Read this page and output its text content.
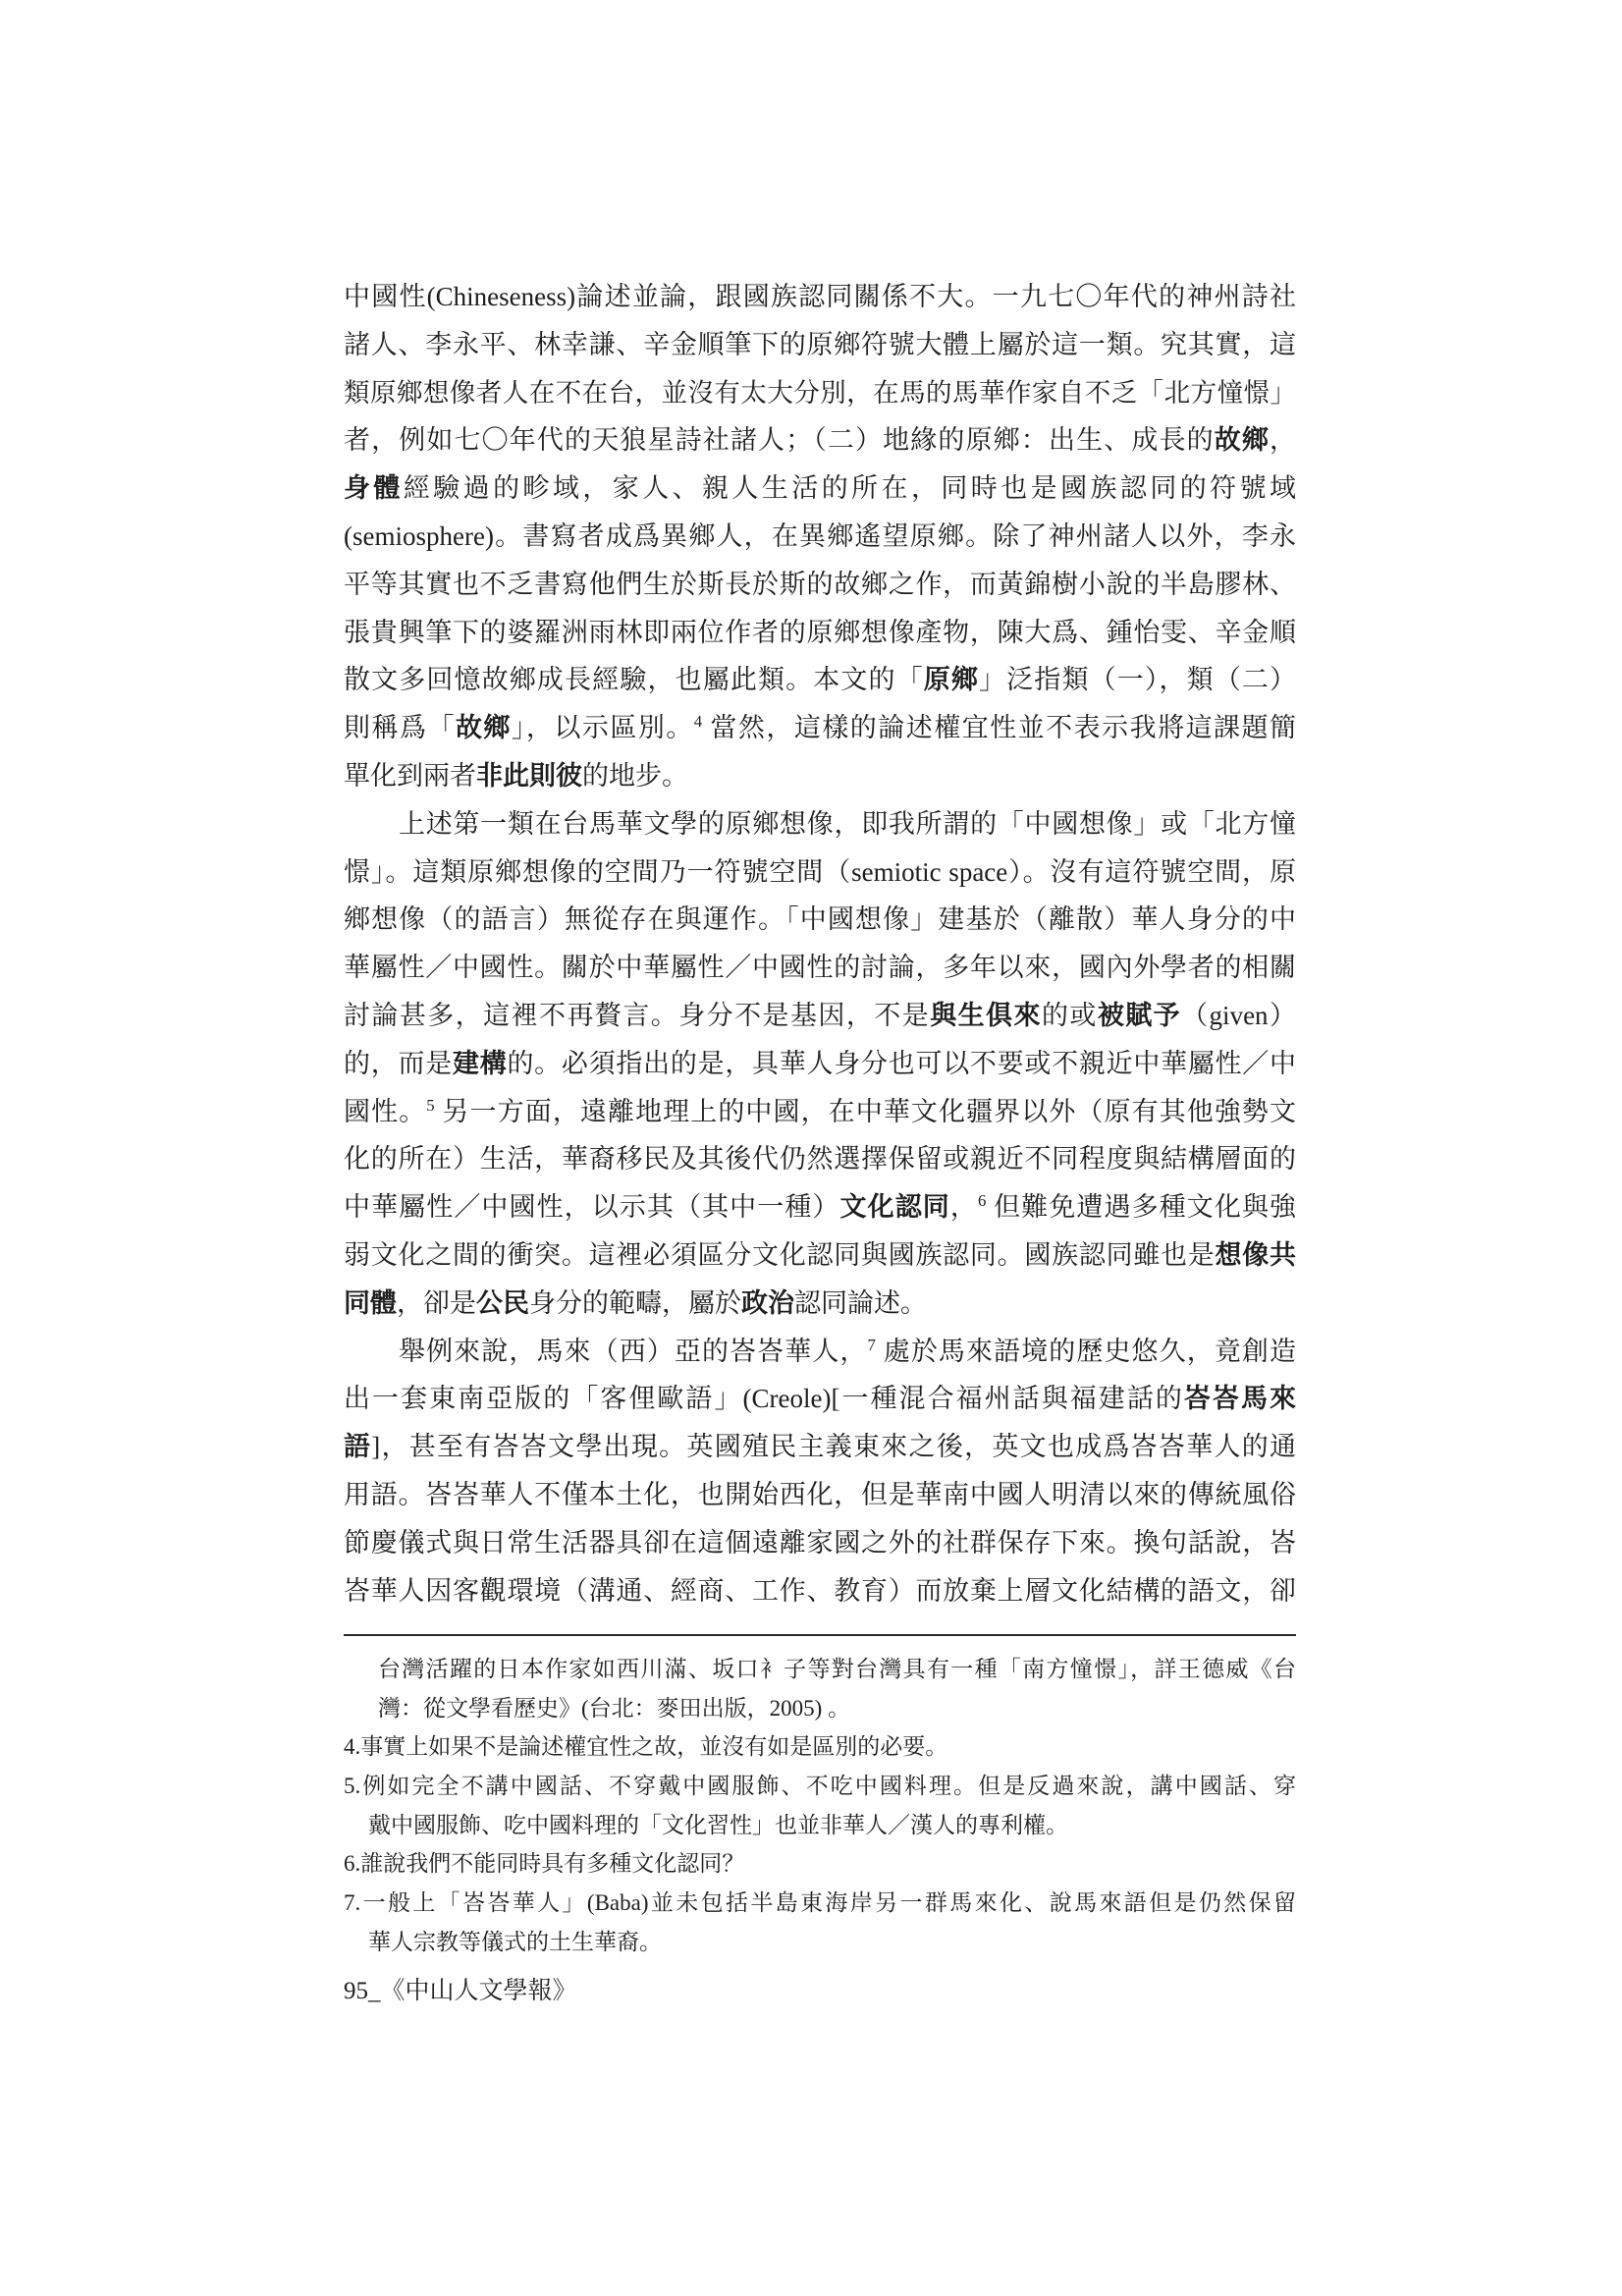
中國性(Chineseness)論述並論，跟國族認同關係不大。一九七〇年代的神州詩社
諸人、李永平、林幸謙、辛金順筆下的原鄉符號大體上屬於這一類。究其實，這
類原鄉想像者人在不在台，並沒有太大分別，在馬的馬華作家自不乏「北方憧憬」
者，例如七〇年代的天狼星詩社諸人；（二）地緣的原鄉：出生、成長的故鄉，
身體經驗過的畛域，家人、親人生活的所在，同時也是國族認同的符號域
(semiosphere)。書寫者成爲異鄉人，在異鄉遙望原鄉。除了神州諸人以外，李永
平等其實也不乏書寫他們生於斯長於斯的故鄉之作，而黃錦樹小說的半島膠林、
張貴興筆下的婆羅洲雨林即兩位作者的原鄉想像產物，陳大爲、鍾怡雯、辛金順
散文多回憶故鄉成長經驗，也屬此類。本文的「原鄉」泛指類（一），類（二）
則稱爲「故鄉」，以示區別。$^4$ 當然，這樣的論述權宜性並不表示我將這課題簡
單化到兩者非此則彼的地步。
上述第一類在台馬華文學的原鄉想像，即我所謂的「中國想像」或「北方憧
憬」。這類原鄉想像的空間乃一符號空間（semiotic space）。沒有這符號空間，原
鄉想像（的語言）無從存在與運作。「中國想像」建基於（離散）華人身分的中
華屬性／中國性。關於中華屬性／中國性的討論，多年以來，國內外學者的相關
討論甚多，這裡不再贅言。身分不是基因，不是與生俱來的或被賦予（given）
的，而是建構的。必須指出的是，具華人身分也可以不要或不親近中華屬性／中
國性。$^5$ 另一方面，遠離地理上的中國，在中華文化疆界以外（原有其他強勢文
化的所在）生活，華裔移民及其後代仍然選擇保留或親近不同程度與結構層面的
中華屬性／中國性，以示其（其中一種）文化認同，$^6$ 但難免遭遇多種文化與強
弱文化之間的衝突。這裡必須區分文化認同與國族認同。國族認同雖也是想像共
同體，卻是公民身分的範疇，屬於政治認同論述。
舉例來說，馬來（西）亞的峇峇華人，$^7$ 處於馬來語境的歷史悠久，竟創造
出一套東南亞版的「客俚歐語」(Creole)[一種混合福州話與福建話的峇峇馬來
語]，甚至有峇峇文學出現。英國殖民主義東來之後，英文也成爲峇峇華人的通
用語。峇峇華人不僅本土化，也開始西化，但是華南中國人明清以來的傳統風俗
節慶儀式與日常生活器具卻在這個遠離家國之外的社群保存下來。換句話說，峇
峇華人因客觀環境（溝通、經商、工作、教育）而放棄上層文化結構的語文，卻
台灣活躍的日本作家如西川滿、坂口衤子等對台灣具有一種「南方憧憬」，詳王德威《台
灣：從文學看歷史》(台北：麥田出版，2005) 。
4.事實上如果不是論述權宜性之故，並沒有如是區別的必要。
5.例如完全不講中國話、不穿戴中國服飾、不吃中國料理。但是反過來說，講中國話、穿
戴中國服飾、吃中國料理的「文化習性」也並非華人／漢人的專利權。
6.誰說我們不能同時具有多種文化認同？
7.一般上「峇峇華人」(Baba)並未包括半島東海岸另一群馬來化、說馬來語但是仍然保留
華人宗教等儀式的土生華裔。
95_《中山人文學報》
